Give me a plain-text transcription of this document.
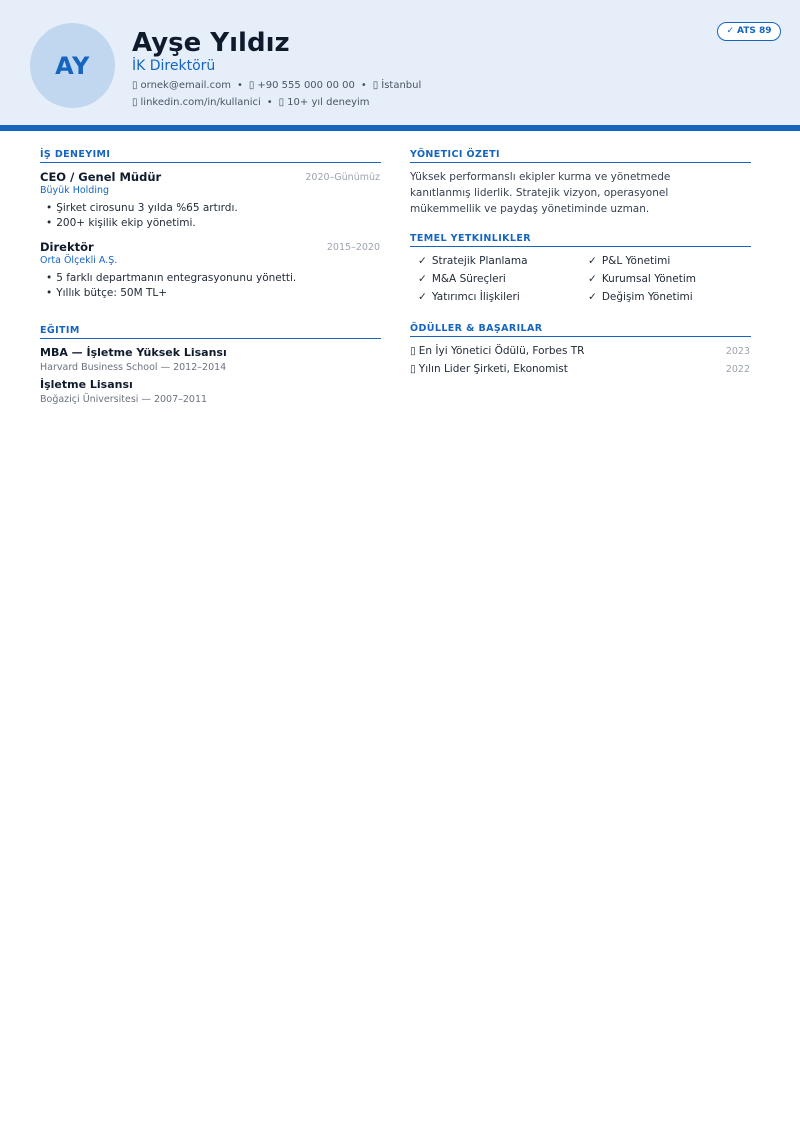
AY
Ayşe Yıldız
İK Direktörü
▯ ornek@email.com • ▯ +90 555 000 00 00 • ▯ İstanbul
▯ linkedin.com/in/kullanici • ▯ 10+ yıl deneyim
✓ ATS 89
İŞ DENEYIMI
CEO / Genel Müdür	2020–Günümüz
Büyük Holding
• Şirket cirosunu 3 yılda %65 artırdı.
• 200+ kişilik ekip yönetimi.
Direktör	2015–2020
Orta Ölçekli A.Ş.
• 5 farklı departmanın entegrasyonunu yönetti.
• Yıllık bütçe: 50M TL+
EĞITIM
MBA — İşletme Yüksek Lisansı
Harvard Business School — 2012–2014
İşletme Lisansı
Boğaziçi Üniversitesi — 2007–2011
YÖNETICI ÖZETI
Yüksek performanslı ekipler kurma ve yönetmede
kanıtlanmış liderlik. Stratejik vizyon, operasyonel
mükemmellik ve paydaş yönetiminde uzman.
TEMEL YETKINLIKLER
✓ Stratejik Planlama	✓ P&L Yönetimi
✓ M&A Süreçleri	✓ Kurumsal Yönetim
✓ Yatırımcı İlişkileri	✓ Değişim Yönetimi
ÖDÜLLER & BAŞARILAR
▯ En İyi Yönetici Ödülü, Forbes TR	2023
▯ Yılın Lider Şirketi, Ekonomist	2022
